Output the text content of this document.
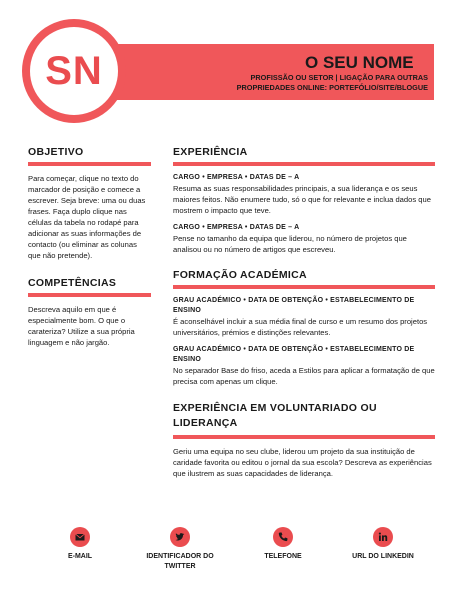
SN	O SEU NOME
PROFISSÃO OU SETOR | LIGAÇÃO PARA OUTRAS
PROPRIEDADES ONLINE: PORTEFÓLIO/SITE/BLOGUE
OBJETIVO
Para começar, clique no texto do marcador de posição e comece a escrever. Seja breve: uma ou duas frases. Faça duplo clique nas células da tabela no rodapé para adicionar as suas informações de contacto (ou eliminar as colunas que não pretende).
COMPETÊNCIAS
Descreva aquilo em que é especialmente bom. O que o carateriza? Utilize a sua própria linguagem e não jargão.
EXPERIÊNCIA
CARGO • EMPRESA • DATAS DE – A
Resuma as suas responsabilidades principais, a sua liderança e os seus maiores feitos. Não enumere tudo, só o que for relevante e inclua dados que mostrem o impacto que teve.
CARGO • EMPRESA • DATAS DE – A
Pense no tamanho da equipa que liderou, no número de projetos que analisou ou no número de artigos que escreveu.
FORMAÇÃO ACADÉMICA
GRAU ACADÉMICO • DATA DE OBTENÇÃO • ESTABELECIMENTO DE ENSINO
É aconselhável incluir a sua média final de curso e um resumo dos projetos universitários, prémios e distinções relevantes.
GRAU ACADÉMICO • DATA DE OBTENÇÃO • ESTABELECIMENTO DE ENSINO
No separador Base do friso, aceda a Estilos para aplicar a formatação de que precisa com apenas um clique.
EXPERIÊNCIA EM VOLUNTARIADO OU LIDERANÇA
Geriu uma equipa no seu clube, liderou um projeto da sua instituição de caridade favorita ou editou o jornal da sua escola? Descreva as experiências que ilustrem as suas capacidades de liderança.
E-MAIL	IDENTIFICADOR DO TWITTER
TELEFONE	URL DO LINKEDIN
